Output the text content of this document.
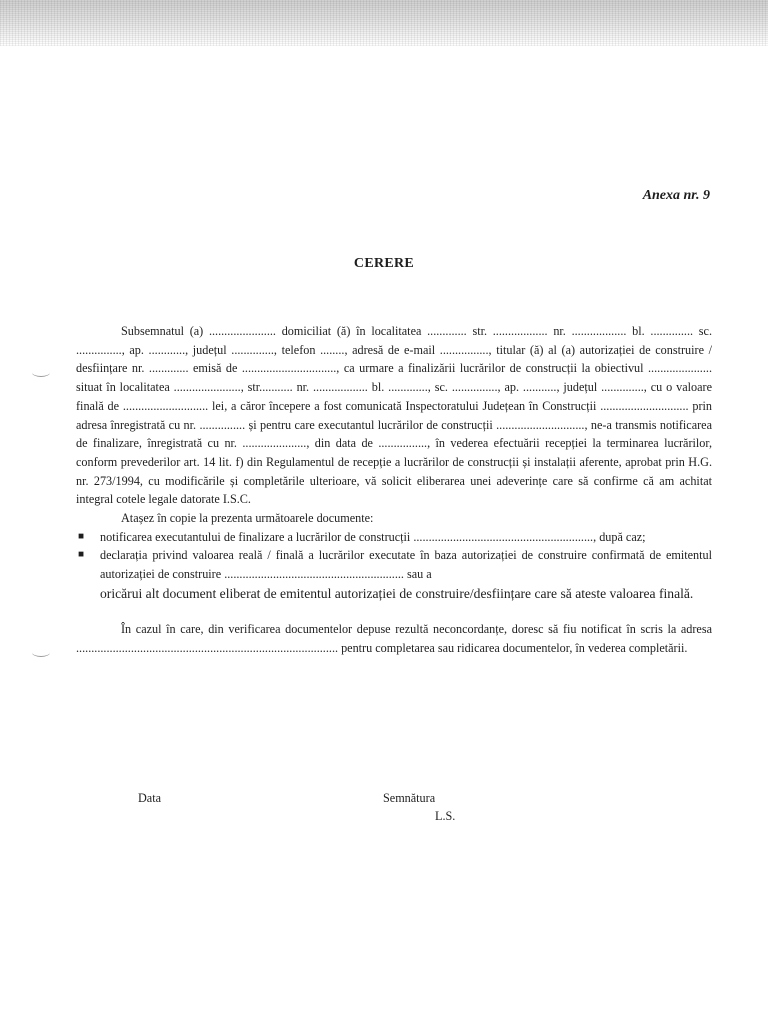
Anexa nr. 9
CERERE

Subsemnatul (a) ...................... domiciliat (ă) în localitatea ............. str. .................. nr. .................. bl. .............. sc. ..............., ap. ............, județul .............., telefon ........, adresă de e-mail ................, titular (ă) al (a) autorizației de construire / desființare nr. ............. emisă de ..............................., ca urmare a finalizării lucrărilor de construcții la obiectivul ..................... situat în localitatea ......................, str........... nr. .................. bl. ............., sc. ..............., ap. ..........., județul .............., cu o valoare finală de ............................ lei, a căror începere a fost comunicată Inspectoratului Județean în Construcții ............................. prin adresa înregistrată cu nr. ............... și pentru care executantul lucrărilor de construcții ............................., ne-a transmis notificarea de finalizare, înregistrată cu nr. ....................., din data de ................, în vederea efectuării recepției la terminarea lucrărilor, conform prevederilor art. 14 lit. f) din Regulamentul de recepție a lucrărilor de construcții și instalații aferente, aprobat prin H.G. nr. 273/1994, cu modificările și completările ulterioare, vă solicit eliberarea unei adeverințe care să confirme că am achitat integral cotele legale datorate I.S.C.

Atașez în copie la prezenta următoarele documente:

■ notificarea executantului de finalizare a lucrărilor de construcții ..........................................................., după caz;
■ declarația privind valoarea reală / finală a lucrărilor executate în baza autorizației de construire confirmată de emitentul autorizației de construire ........................................................... sau a
oricărui alt document eliberat de emitentul autorizației de construire/desființare care să ateste valoarea finală.

În cazul în care, din verificarea documentelor depuse rezultă neconcordanțe, doresc să fiu notificat în scris la adresa ...................................................................................... pentru completarea sau ridicarea documentelor, în vederea completării.

Data	Semnătura
L.S.
